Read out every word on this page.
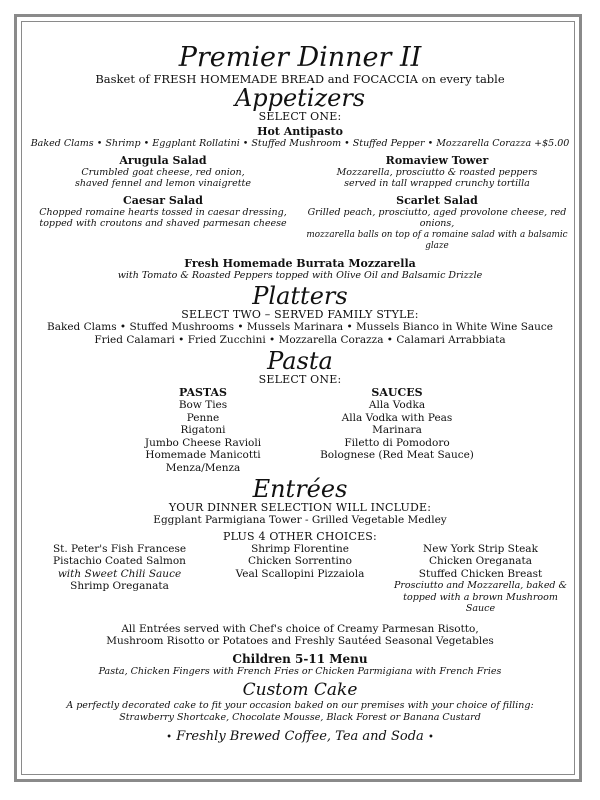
Premier Dinner II

Basket of FRESH HOMEMADE BREAD and FOCACCIA on every table

Appetizers

SELECT ONE:

Hot Antipasto

Baked Clams • Shrimp • Eggplant Rollatini • Stuffed Mushroom • Stuffed Pepper • Mozzarella Corazza +$5.00

Arugula Salad

Crumbled goat cheese, red onion,

shaved fennel and lemon vinaigrette

Romaview Tower

Mozzarella, prosciutto & roasted peppers

served in tall wrapped crunchy tortilla

Caesar Salad

Chopped romaine hearts tossed in caesar dressing,

topped with croutons and shaved parmesan cheese

Scarlet Salad

Grilled peach, prosciutto, aged provolone cheese, red onions,

mozzarella balls on top of a romaine salad with a balsamic glaze

Fresh Homemade Burrata Mozzarella

with Tomato & Roasted Peppers topped with Olive Oil and Balsamic Drizzle

Platters

SELECT TWO – SERVED FAMILY STYLE:

Baked Clams • Stuffed Mushrooms • Mussels Marinara • Mussels Bianco in White Wine Sauce

Fried Calamari • Fried Zucchini • Mozzarella Corazza • Calamari Arrabbiata

Pasta

SELECT ONE:

PASTAS

Bow Ties

Penne

Rigatoni

Jumbo Cheese Ravioli

Homemade Manicotti

Menza/Menza

SAUCES

Alla Vodka

Alla Vodka with Peas

Marinara

Filetto di Pomodoro

Bolognese (Red Meat Sauce)

Entrées

YOUR DINNER SELECTION WILL INCLUDE:

Eggplant Parmigiana Tower - Grilled Vegetable Medley

PLUS 4 OTHER CHOICES:

St. Peter's Fish Francese

Pistachio Coated Salmon

with Sweet Chili Sauce

Shrimp Oreganata

Shrimp Florentine

Chicken Sorrentino

Veal Scallopini Pizzaiola

New York Strip Steak

Chicken Oreganata

Stuffed Chicken Breast

Prosciutto and Mozzarella, baked &

topped with a brown Mushroom Sauce

All Entrées served with Chef's choice of Creamy Parmesan Risotto,

Mushroom Risotto or Potatoes and Freshly Sautéed Seasonal Vegetables

Children 5-11 Menu

Pasta, Chicken Fingers with French Fries or Chicken Parmigiana with French Fries

Custom Cake

A perfectly decorated cake to fit your occasion baked on our premises with your choice of filling:

Strawberry Shortcake, Chocolate Mousse, Black Forest or Banana Custard

• Freshly Brewed Coffee, Tea and Soda •
